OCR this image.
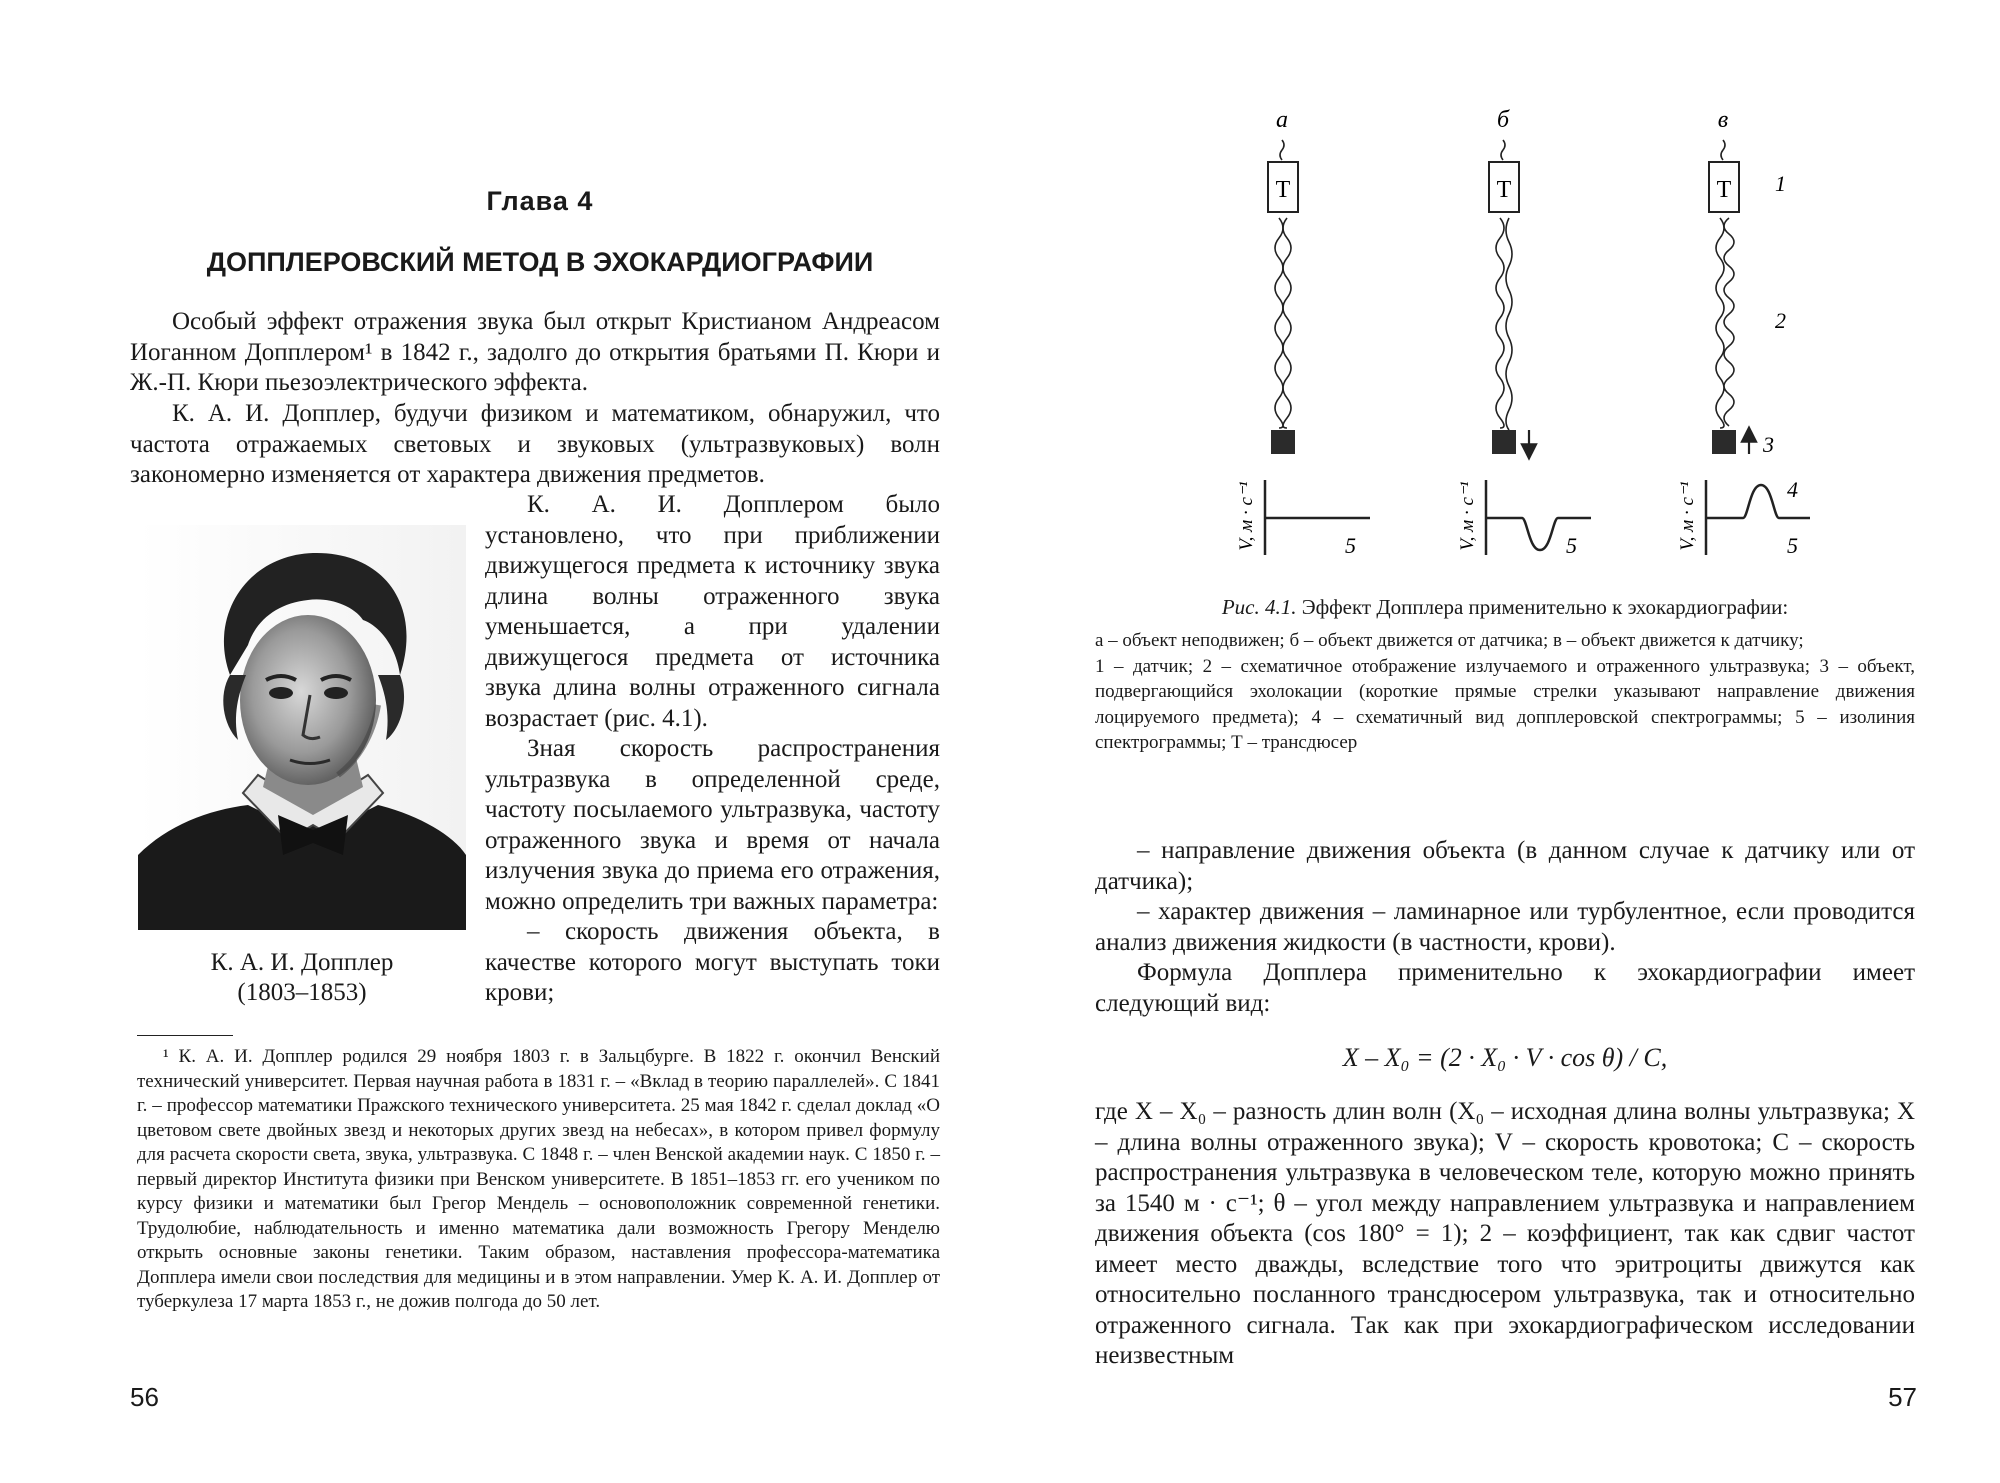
Глава 4
ДОППЛЕРОВСКИЙ МЕТОД В ЭХОКАРДИОГРАФИИ

Особый эффект отражения звука был открыт Кристианом Андреасом Иоганном Допплером¹ в 1842 г., задолго до открытия братьями П. Кюри и Ж.-П. Кюри пьезоэлектрического эффекта.

К. А. И. Допплер, будучи физиком и математиком, обнаружил, что частота отражаемых световых и звуковых (ультразвуковых) волн закономерно изменяется от характера движения предметов.

К. А. И. Допплером было установлено, что при приближении движущегося предмета к источнику звука длина волны отраженного звука уменьшается, а при удалении движущегося предмета от источника звука длина волны отраженного сигнала возрастает (рис. 4.1).

Зная скорость распространения ультразвука в определенной среде, частоту посылаемого ультразвука, частоту отраженного звука и время от начала излучения звука до приема его отражения, можно определить три важных параметра:

– скорость движения объекта, в качестве которого могут выступать токи крови;

К. А. И. Допплер
(1803–1853)

¹ К. А. И. Допплер родился 29 ноября 1803 г. в Зальцбурге. В 1822 г. окончил Венский технический университет. Первая научная работа в 1831 г. – «Вклад в теорию параллелей». С 1841 г. – профессор математики Пражского технического университета. 25 мая 1842 г. сделал доклад «О цветовом свете двойных звезд и некоторых других звезд на небесах», в котором привел формулу для расчета скорости света, звука, ультразвука. С 1848 г. – член Венской академии наук. С 1850 г. – первый директор Института физики при Венском университете. В 1851–1853 гг. его учеником по курсу физики и математики был Грегор Мендель – основоположник современной генетики. Трудолюбие, наблюдательность и именно математика дали возможность Грегору Менделю открыть основные законы генетики. Таким образом, наставления профессора-математика Допплера имели свои последствия для медицины и в этом направлении. Умер К. А. И. Допплер от туберкулеза 17 марта 1853 г., не дожив полгода до 50 лет.

56
а
Т
V, м · с⁻¹	5
б
Т
V, м · с⁻¹	5
в
Т 1
2
3
V, м · с⁻¹	4
5
Рис. 4.1. Эффект Допплера применительно к эхокардиографии:
а – объект неподвижен; б – объект движется от датчика; в – объект движется к датчику;
1 – датчик; 2 – схематичное отображение излучаемого и отраженного ультразвука; 3 – объект, подвергающийся эхолокации (короткие прямые стрелки указывают направление движения лоцируемого предмета); 4 – схематичный вид допплеровской спектрограммы; 5 – изолиния спектрограммы; Т – трансдюсер

– направление движения объекта (в данном случае к датчику или от датчика);

– характер движения – ламинарное или турбулентное, если проводится анализ движения жидкости (в частности, крови).

Формула Допплера применительно к эхокардиографии имеет следующий вид:

X – X₀ = (2 · X₀ · V · cos θ) / C,

где X – X₀ – разность длин волн (X₀ – исходная длина волны ультразвука; X – длина волны отраженного звука); V – скорость кровотока; C – скорость распространения ультразвука в человеческом теле, которую можно принять за 1540 м · с⁻¹; θ – угол между направлением ультразвука и направлением движения объекта (cos 180° = 1); 2 – коэффициент, так как сдвиг частот имеет место дважды, вследствие того что эритроциты движутся как относительно посланного трансдюсером ультразвука, так и относительно отраженного сигнала. Так как при эхокардиографическом исследовании неизвестным

57
